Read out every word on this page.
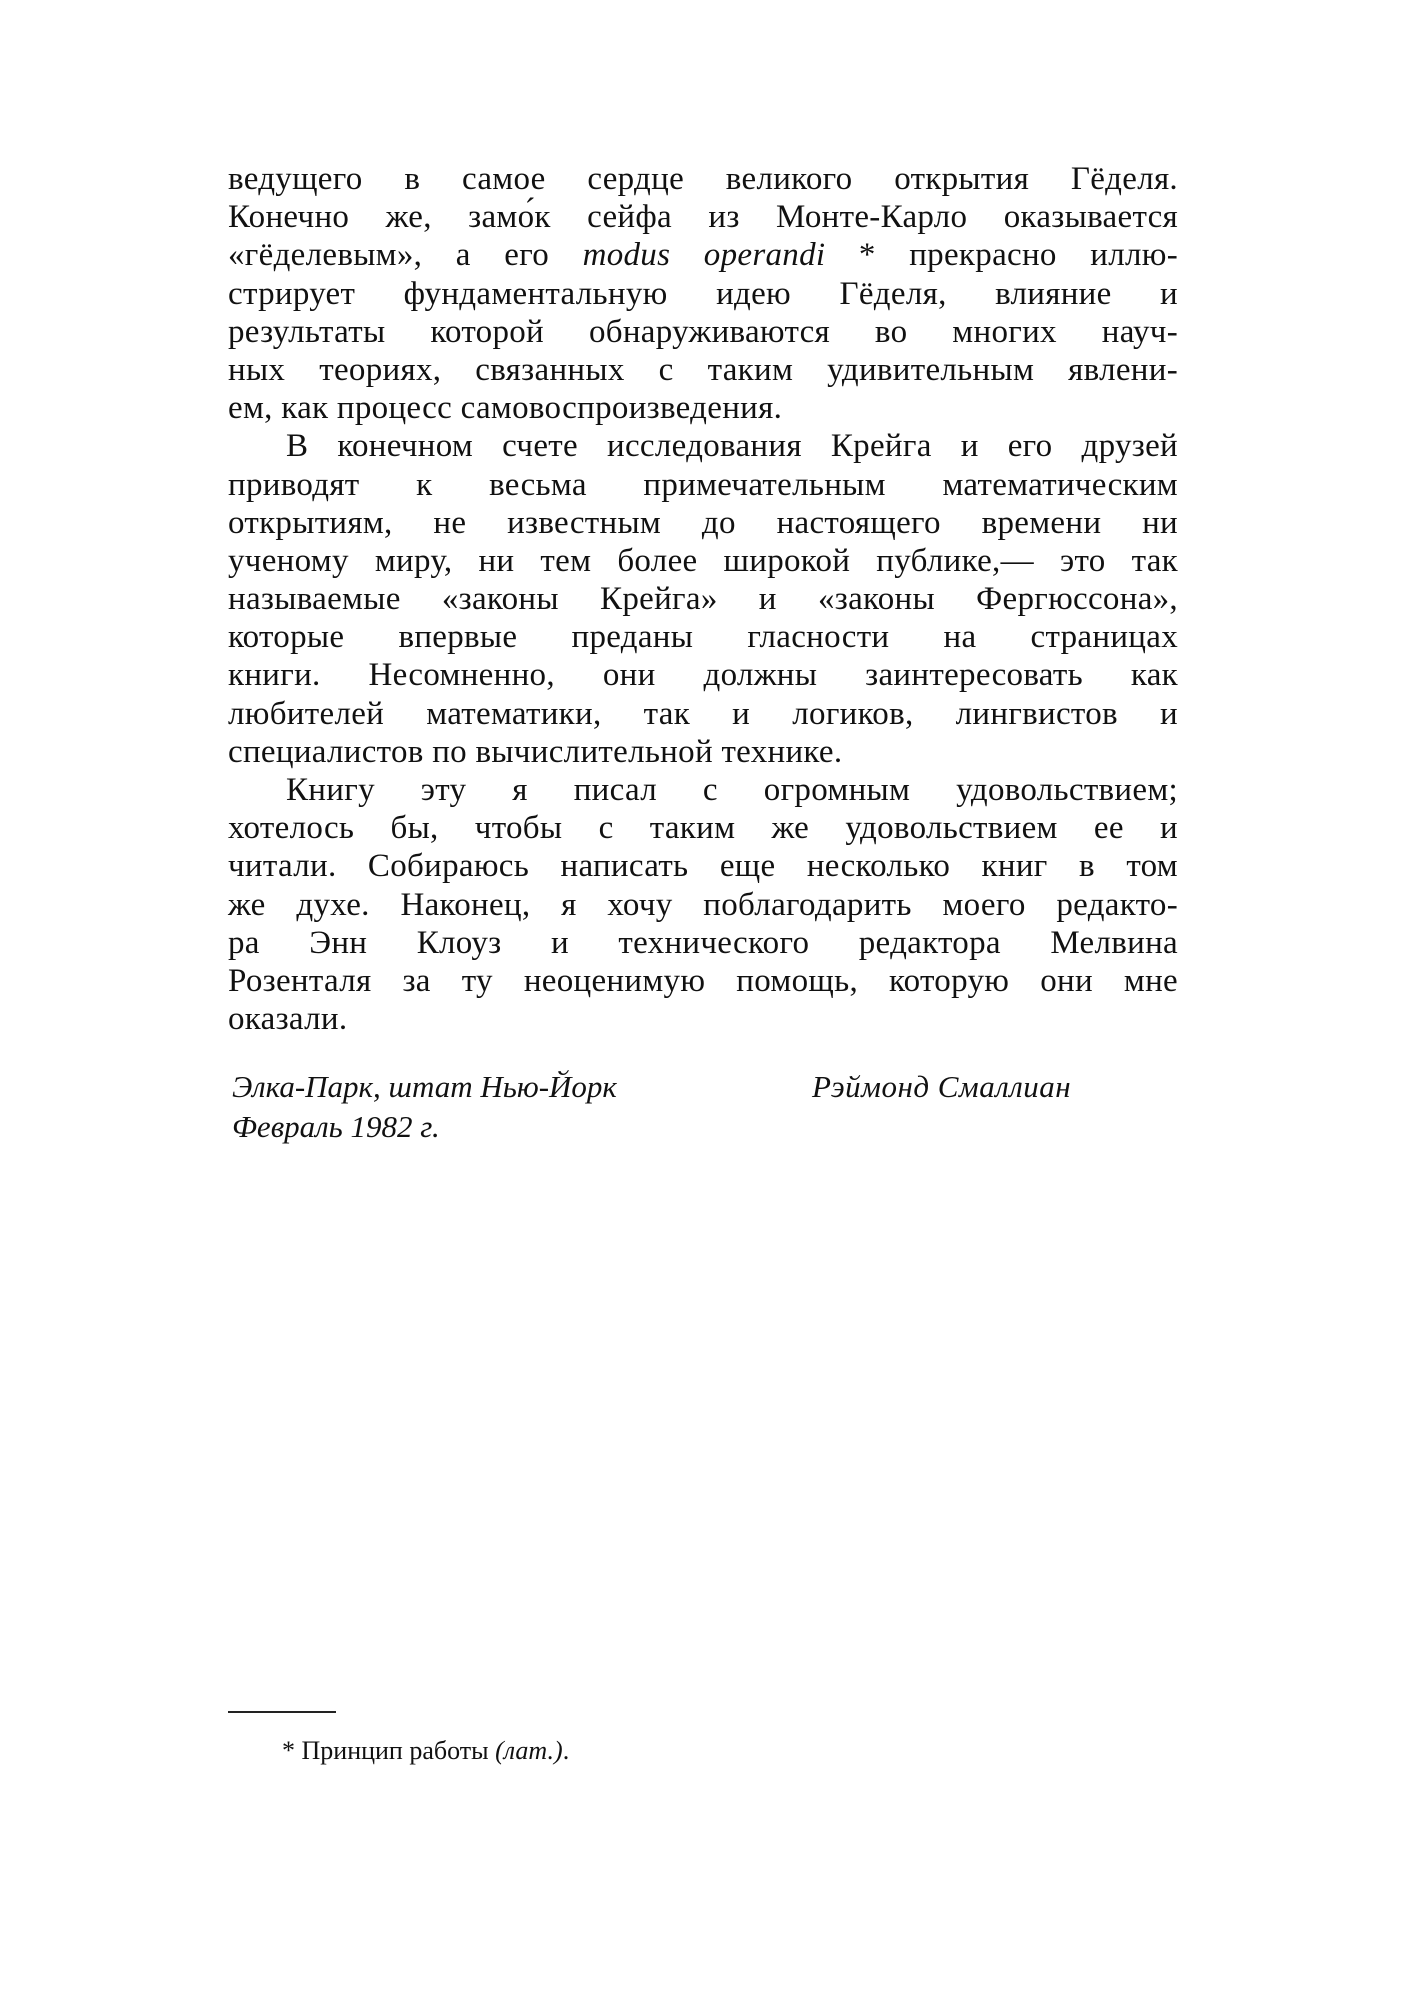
ведущего в самое сердце великого открытия Гёделя.
Конечно же, замо́к сейфа из Монте-Карло оказывается
«гёделевым», а его modus operandi * прекрасно иллю-
стрирует фундаментальную идею Гёделя, влияние и
результаты которой обнаруживаются во многих науч-
ных теориях, связанных с таким удивительным явлени-
ем, как процесс самовоспроизведения.
В конечном счете исследования Крейга и его друзей
приводят к весьма примечательным математическим
открытиям, не известным до настоящего времени ни
ученому миру, ни тем более широкой публике,— это так
называемые «законы Крейга» и «законы Фергюссона»,
которые впервые преданы гласности на страницах
книги. Несомненно, они должны заинтересовать как
любителей математики, так и логиков, лингвистов и
специалистов по вычислительной технике.
Книгу эту я писал с огромным удовольствием;
хотелось бы, чтобы с таким же удовольствием ее и
читали. Собираюсь написать еще несколько книг в том
же духе. Наконец, я хочу поблагодарить моего редакто-
ра Энн Клоуз и технического редактора Мелвина
Розенталя за ту неоценимую помощь, которую они мне
оказали.
Элка-Парк, штат Нью-Йорк
Февраль 1982 г.
Рэймонд Смаллиан
* Принцип работы (лат.).
